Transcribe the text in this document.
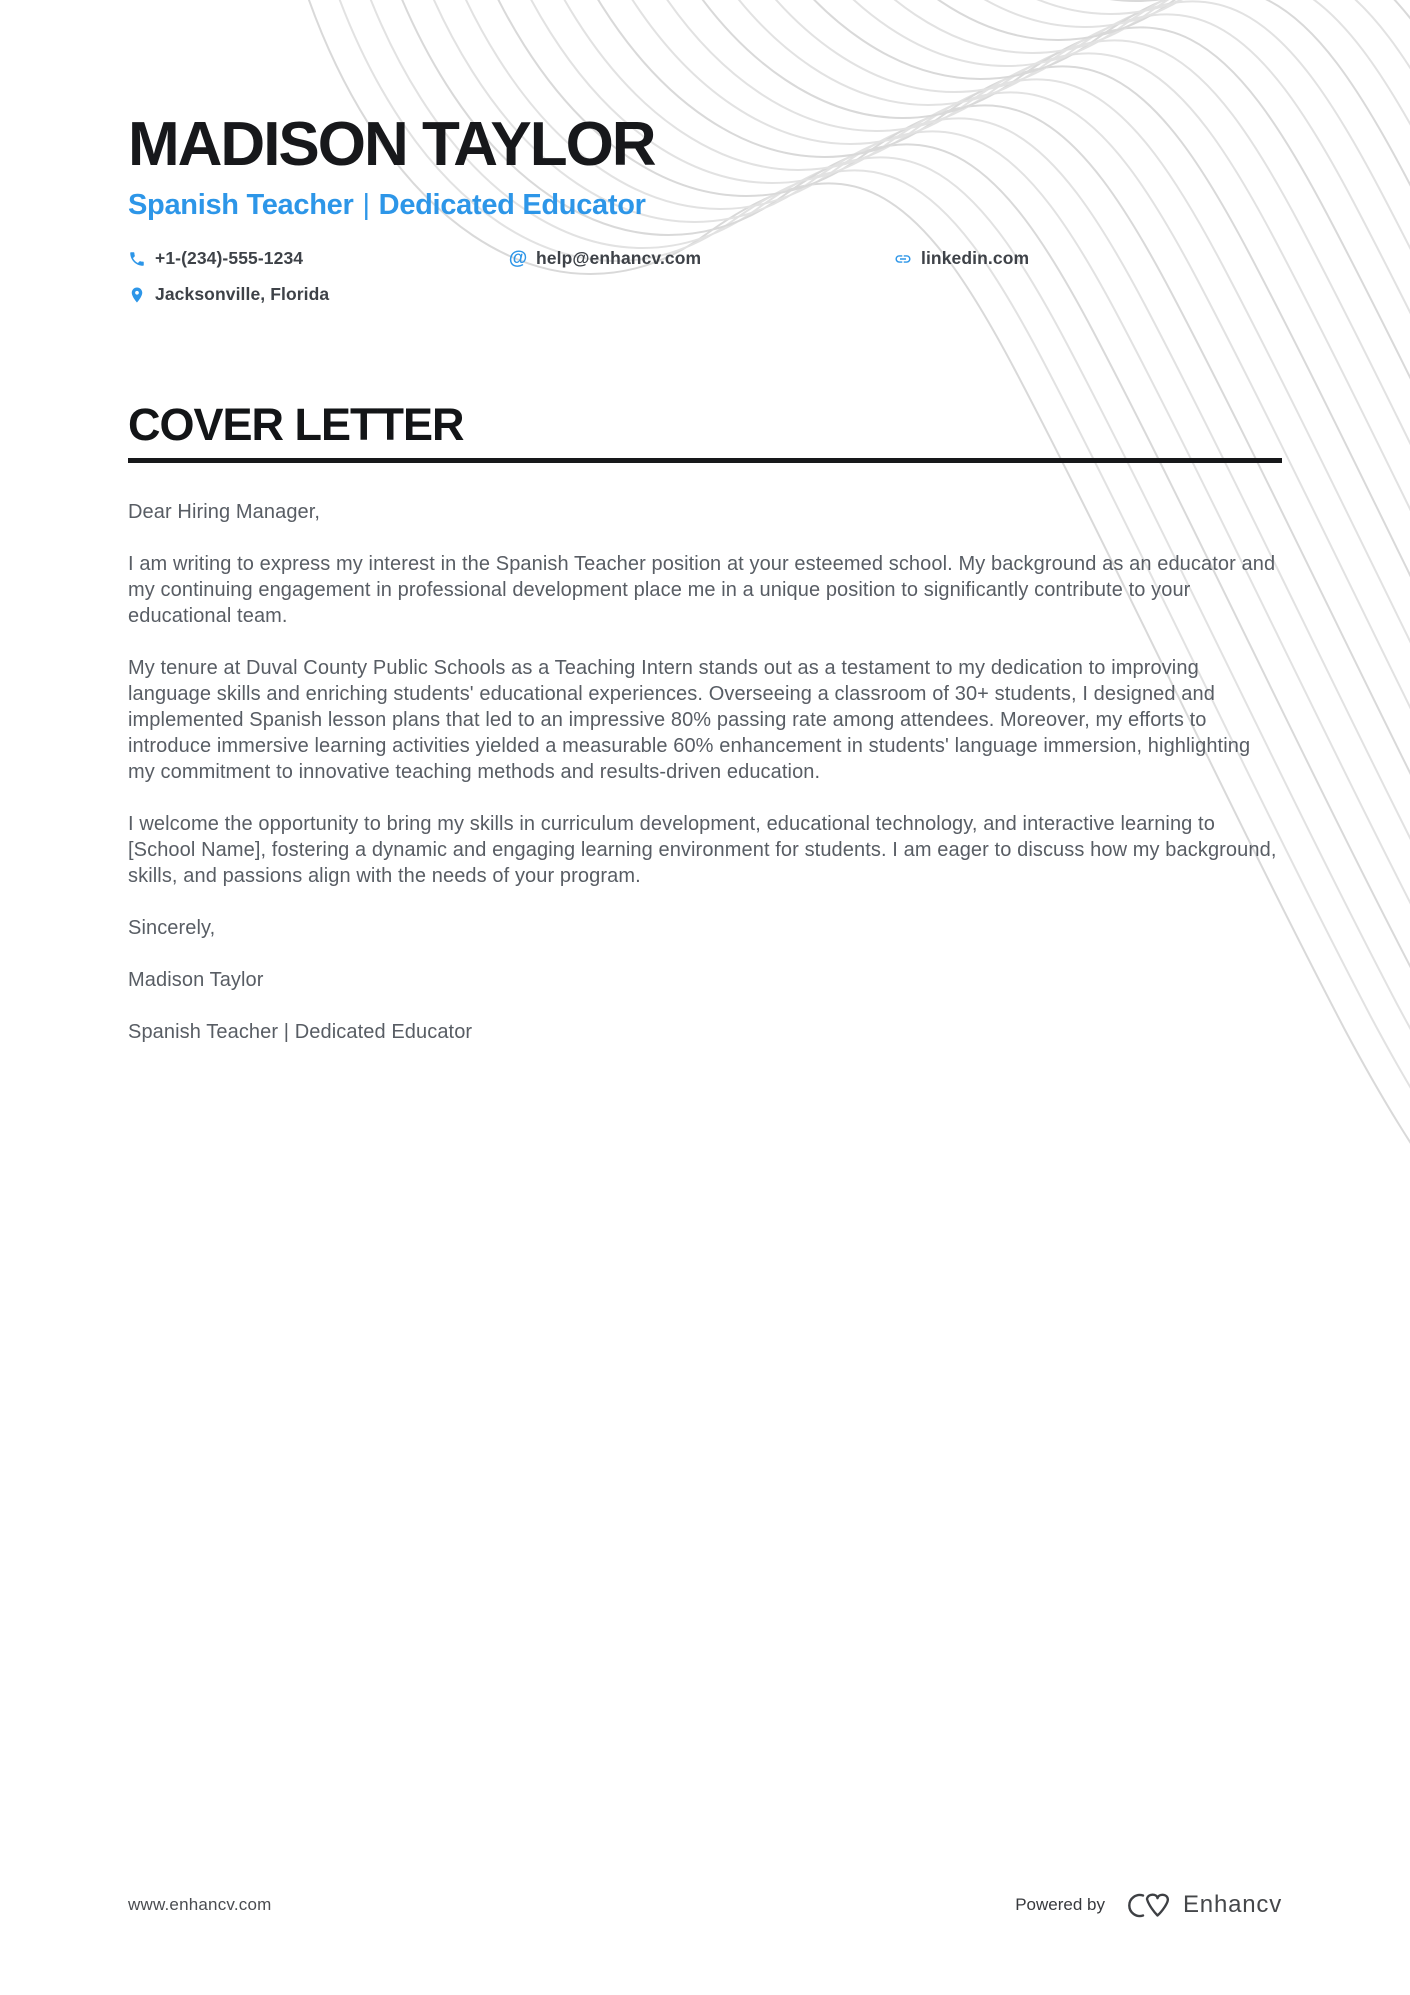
MADISON TAYLOR
Spanish Teacher | Dedicated Educator
+1-(234)-555-1234	@ help@enhancv.com	linkedin.com
Jacksonville, Florida
COVER LETTER

Dear Hiring Manager,

I am writing to express my interest in the Spanish Teacher position at your esteemed school. My background as an educator and my continuing engagement in professional development place me in a unique position to significantly contribute to your educational team.

My tenure at Duval County Public Schools as a Teaching Intern stands out as a testament to my dedication to improving language skills and enriching students' educational experiences. Overseeing a classroom of 30+ students, I designed and implemented Spanish lesson plans that led to an impressive 80% passing rate among attendees. Moreover, my efforts to introduce immersive learning activities yielded a measurable 60% enhancement in students' language immersion, highlighting my commitment to innovative teaching methods and results-driven education.

I welcome the opportunity to bring my skills in curriculum development, educational technology, and interactive learning to [School Name], fostering a dynamic and engaging learning environment for students. I am eager to discuss how my background, skills, and passions align with the needs of your program.

Sincerely,

Madison Taylor

Spanish Teacher | Dedicated Educator

www.enhancv.com	Powered by	Enhancv
